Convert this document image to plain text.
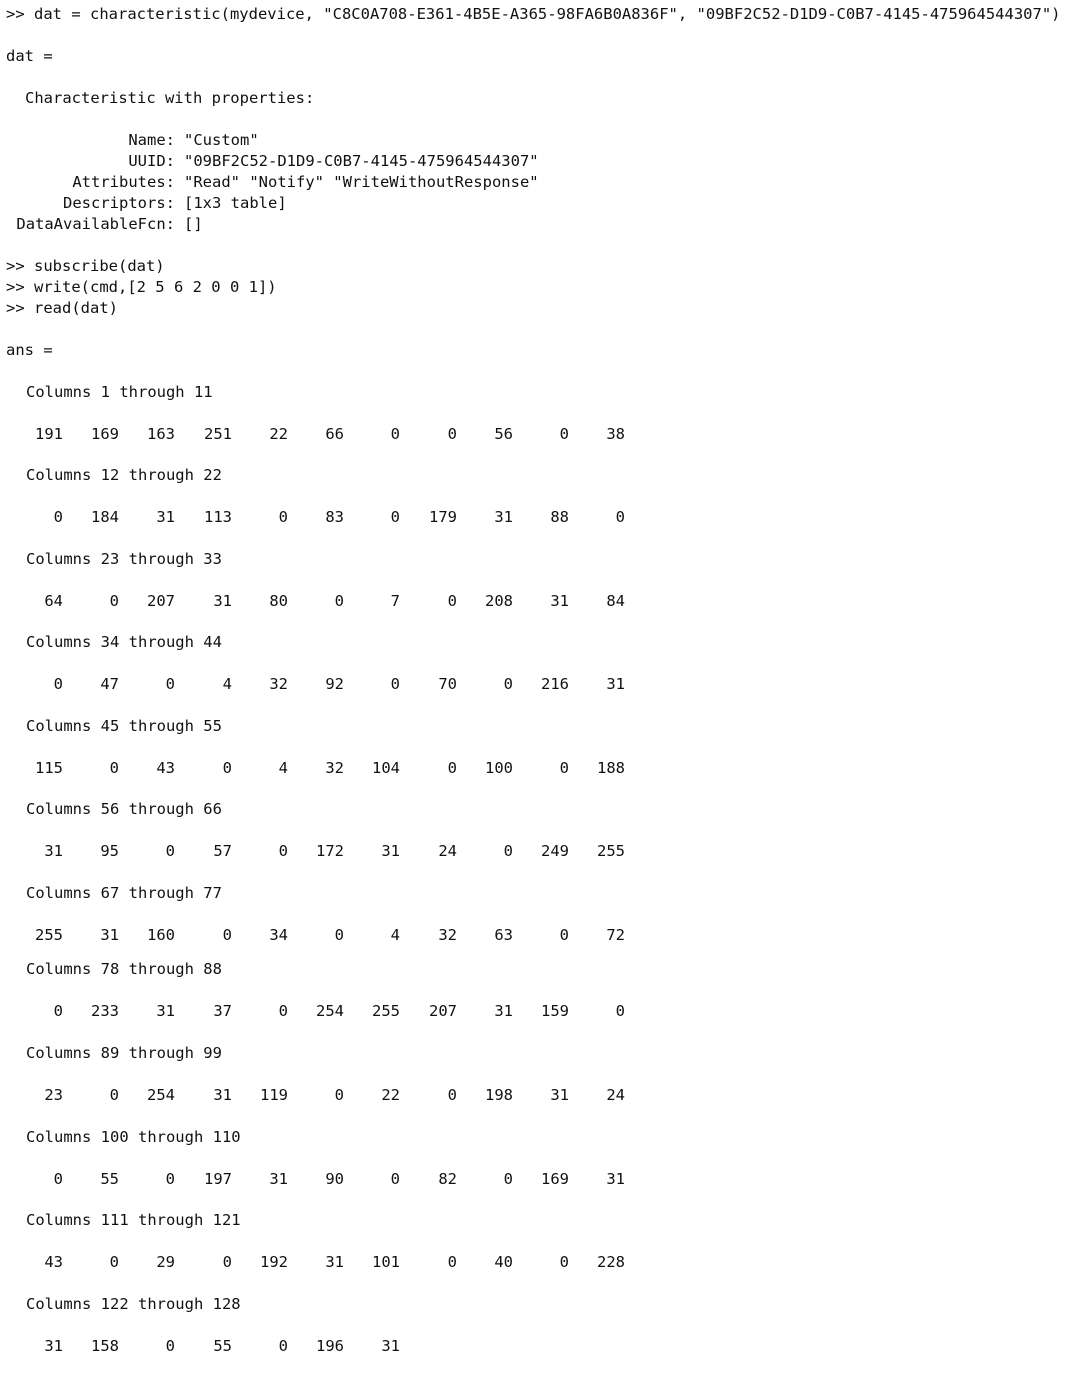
>> dat = characteristic(mydevice, "C8C0A708-E361-4B5E-A365-98FA6B0A836F", "09BF2C52-D1D9-C0B7-4145-475964544307")
dat =
Characteristic with properties:
Name: "Custom"
UUID: "09BF2C52-D1D9-C0B7-4145-475964544307"
Attributes: "Read" "Notify" "WriteWithoutResponse"
Descriptors: [1x3 table]
DataAvailableFcn: []
>> subscribe(dat)
>> write(cmd,[2 5 6 2 0 0 1])
>> read(dat)
ans =
Columns 1 through 11
191	169	163	251	22	66	0	0	56	0	38
Columns 12 through 22
0	184	31	113	0	83	0	179	31	88	0
Columns 23 through 33
64	0	207	31	80	0	7	0	208	31	84
Columns 34 through 44
0	47	0	4	32	92	0	70	0	216	31
Columns 45 through 55
115	0	43	0	4	32	104	0	100	0	188
Columns 56 through 66
31	95	0	57	0	172	31	24	0	249	255
Columns 67 through 77
255	31	160	0	34	0	4	32	63	0	72
Columns 78 through 88
0	233	31	37	0	254	255	207	31	159	0
Columns 89 through 99
23	0	254	31	119	0	22	0	198	31	24
Columns 100 through 110
0	55	0	197	31	90	0	82	0	169	31
Columns 111 through 121
43	0	29	0	192	31	101	0	40	0	228
Columns 122 through 128
31	158	0	55	0	196	31
